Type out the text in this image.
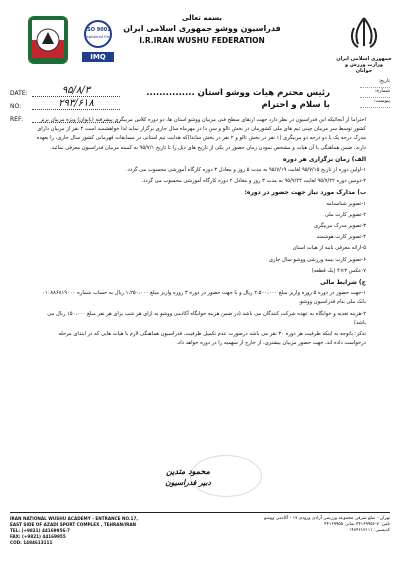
ISO 9001
Registered Firm
IMQ
بسمه تعالی
فدراسیون ووشو جمهوری اسلامی ایران
I.R.IRAN WUSHU FEDERATION
جمهوری اسلامی ایران
وزارت ورزش و جوانان
DATE:	۹۵/۸/۳
NO:	۲۹۳/۶۱۸
REF:
تاریخ:
شماره:
پیوست:
رئیس محترم هیات ووشو استان ...............
با سلام و احترام

احتراما از آنجائیکه این فدراسیون در نظر دارد جهت ارتقای سطح فنی مربیان ووشو استان ها، دو دوره کلاس مربیگری پیشرفته (بانوان) ویژه مربیان برتر کشور توسط سر مربیان چینی تیم های ملی کشورمان در بخش تالو و سن دا در مهرماه سال جاری برگزار نماید لذا خواهشمند است ۴ نفر از مربیان دارای مدرک درجه یک یا دو درجه دو مربیگری (۱ نفر در بخش تالو و ۲ نفر در بخش ساندا)که هدایت تیم استانی در مسابقات قهرمانی کشور سال جاری، را بعهده دارند، ضمن هماهنگی با آن هیات و مشخص نمودن زمان حضور در یکی از تاریخ های ذیل را تا تاریخ ۹۵/۷/۱ به کمیته مربیان فدراسیون معرفی نمائید.

الف) زمان برگزاری هر دوره

۱-اولین دوره از تاریخ ۹۵/۷/۱۵ لغایت ۹۵/۷/۱۹ به مدت ۵ روز و معادل ۳ دوره کارگاه آموزشی محسوب می گردد.

۲-دومین دوره ۹۵/۷/۲۲ لغایت ۹۵/۷/۲۴ به مدت ۳ روز و معادل ۲ دوره کارگاه آموزشی محسوب می گردد.

ب) مدارک مورد نیاز جهت حضور در دوره:

۱-تصویر شناسنامه

۲-تصویر کارت ملی

۳-تصویر مدرک مربیگری

۴-تصویر کارت هوشمند

۵-ارائه معرفی نامه از هیات استان

۶-تصویر کارت بیمه ورزشی ووشو سال جاری

۷-عکس ۳×۴ (یک قطعه)

ج) شرایط مالی

۱-جهت حضور در دوره ۵ روزه واریز مبلغ ۲،۵۰۰،۰۰۰ ریال و با جهت حضور در دوره ۳ روزه واریز مبلغ ۱،۲۵۰،۰۰۰ ریال به حساب شماره ۰۱۰۸۸۶۸۱۹۰۰۰ بانک ملی بنام فدراسیون ووشو.

۲-هزینه تغذیه و خوابگاه به عهده شرکت کنندگان می باشد.(در ضمن هزینه خوابگاه آکادمی ووشو به ازای هر شب برای هر نفر مبلغ ۱۵۰،۰۰۰ ریال می باشد)

تذکر: باتوجه به اینکه ظرفیت هر دوره ۳۰ نفر می باشد درصورت عدم تکمیل ظرفیت، فدراسیون هماهنگی لازم با هیات هایی که در ابتدای مرحله درخواست داده اند، جهت حضور مربیان بیشتری، از خارج از سهمیه را در دوره خواهد داد.

محمود متدین
دبیر فدراسیون
IRAN NATIONAL WUSHU ACADEMY - ENTRANCE NO.17,
EAST SIDE OF AZADI SPORT COMPLEX , TEHRAN/IRAN
TEL: (+9821) 44169956-7
FAX: (+9821) 44169955
COD: 1484613111
تهران - ضلع شرقی مجموعه ورزشی آزادی ورودی ۱۷ - آکادمی ووشو
تلفن: ۷-۴۴۱۶۹۹۵۶ نمابر: ۴۴۱۶۹۹۵۵
کدپستی: ۱۴۸۴۶۱۳۱۱۱
